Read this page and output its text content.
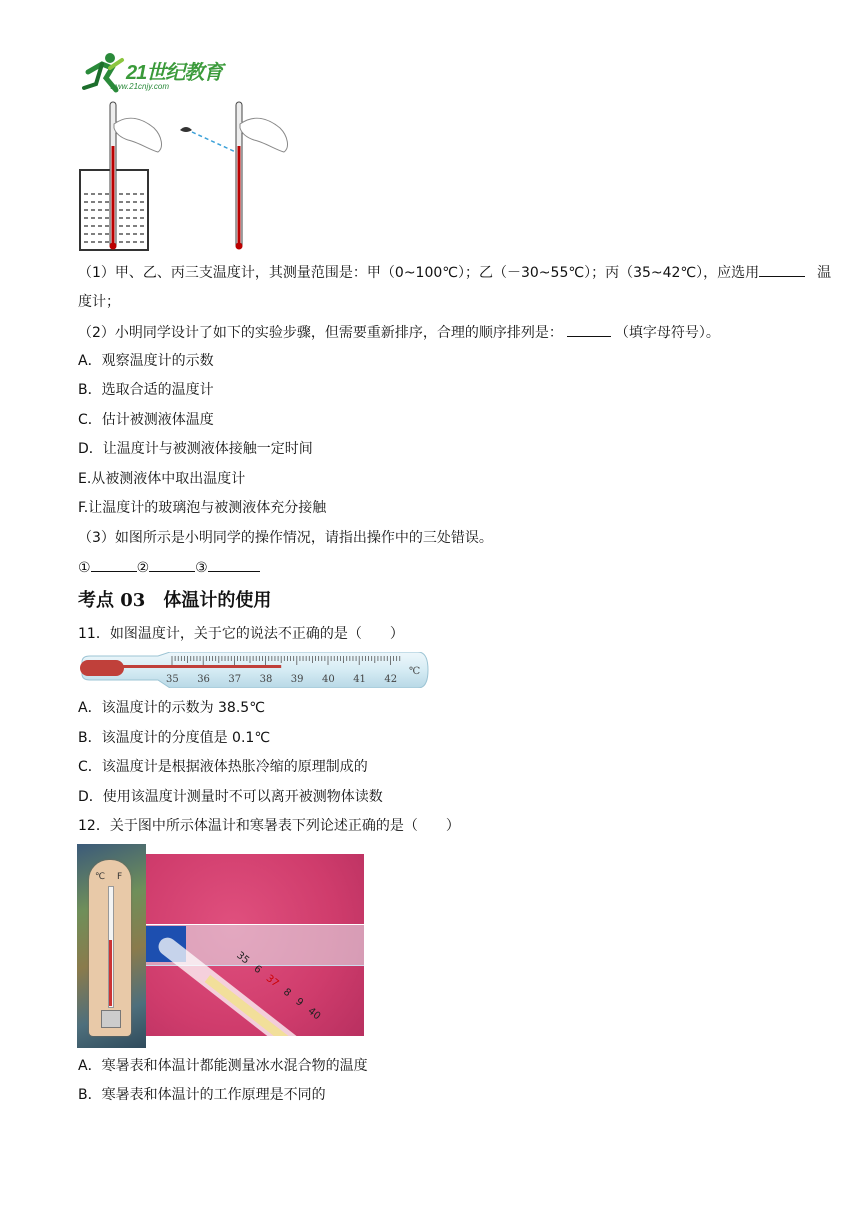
21世纪教育
www.21cnjy.com
（1）甲、乙、丙三支温度计，其测量范围是：甲（0~100℃）；乙（－30~55℃）；丙（35~42℃），应选用	温
度计；
（2）小明同学设计了如下的实验步骤，但需要重新排序，合理的顺序排列是：	（填字母符号）。
A．观察温度计的示数
B．选取合适的温度计
C．估计被测液体温度
D．让温度计与被测液体接触一定时间
E.从被测液体中取出温度计
F.让温度计的玻璃泡与被测液体充分接触
（3）如图所示是小明同学的操作情况，请指出操作中的三处错误。
①	②	③
考点 03　体温计的使用
11．如图温度计，关于它的说法不正确的是（　　）
35 36 37 38 39 40 41 42
℃
A．该温度计的示数为 38.5℃
B．该温度计的分度值是 0.1℃
C．该温度计是根据液体热胀冷缩的原理制成的
D．使用该温度计测量时不可以离开被测物体读数
12．关于图中所示体温计和寒暑表下列论述正确的是（　　）
℃ F
35 6 37 8 9 40
A．寒暑表和体温计都能测量冰水混合物的温度
B．寒暑表和体温计的工作原理是不同的
